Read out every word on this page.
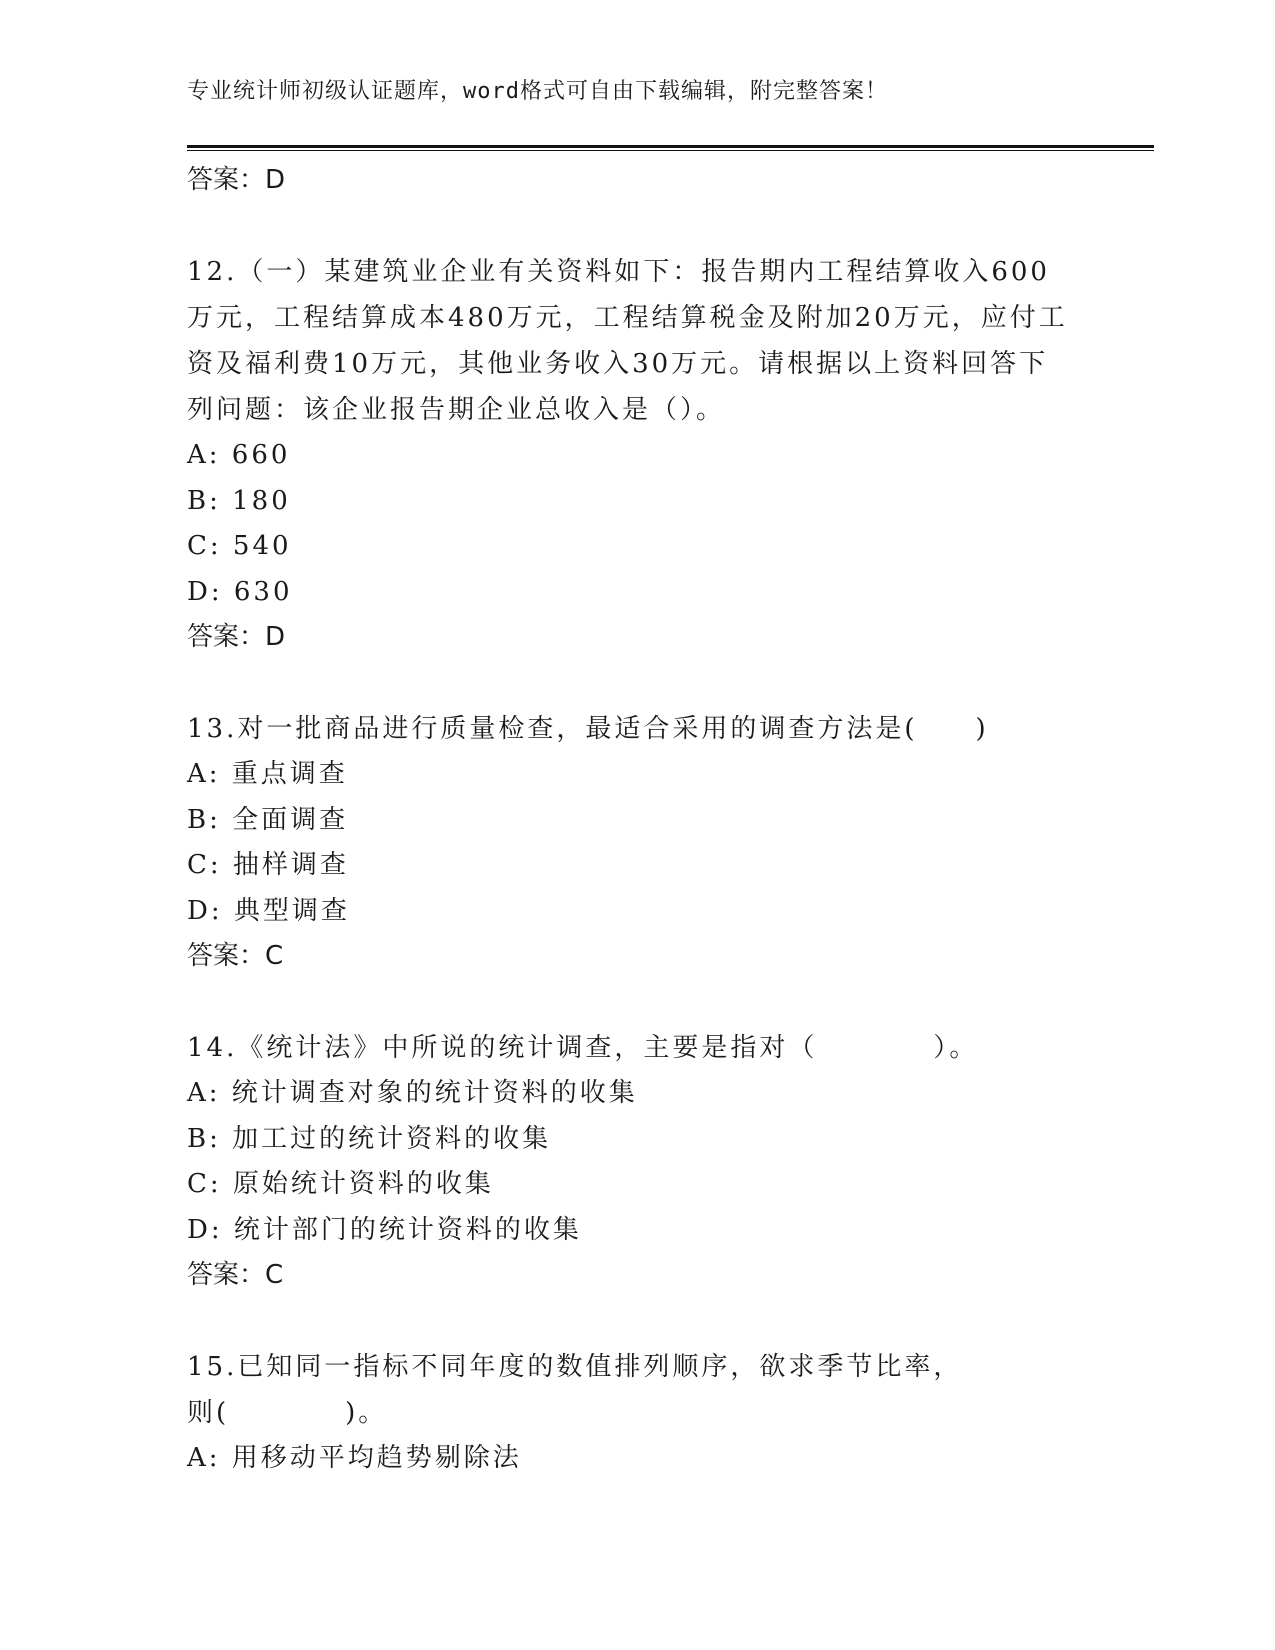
专业统计师初级认证题库，word格式可自由下载编辑，附完整答案！
答案：D
12.（一）某建筑业企业有关资料如下：报告期内工程结算收入600万元，工程结算成本480万元，工程结算税金及附加20万元，应付工资及福利费10万元，其他业务收入30万元。请根据以上资料回答下列问题：该企业报告期企业总收入是（）。
A: 660
B: 180
C: 540
D: 630
答案：D
13.对一批商品进行质量检查，最适合采用的调查方法是(　　)
A: 重点调查
B: 全面调查
C: 抽样调查
D: 典型调查
答案：C
14.《统计法》中所说的统计调查，主要是指对（　　　　）。
A: 统计调查对象的统计资料的收集
B: 加工过的统计资料的收集
C: 原始统计资料的收集
D: 统计部门的统计资料的收集
答案：C
15.已知同一指标不同年度的数值排列顺序，欲求季节比率，则(　　　　)。
A: 用移动平均趋势剔除法
